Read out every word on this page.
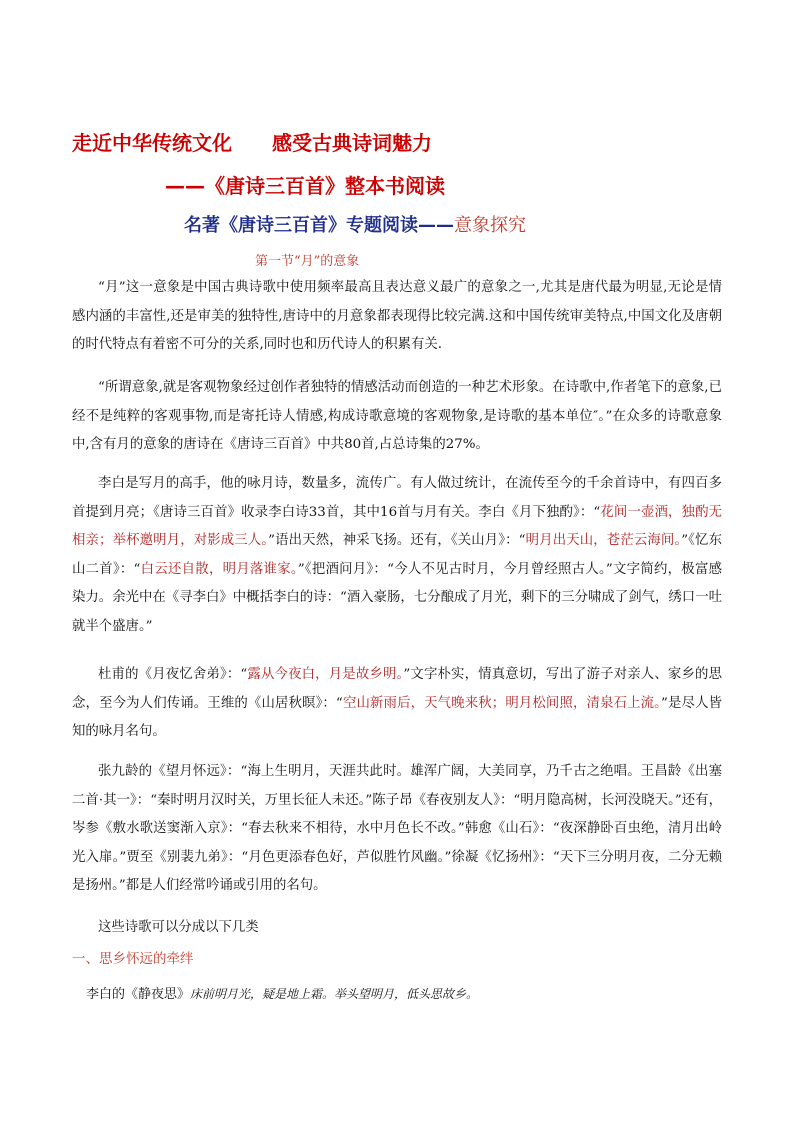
走近中华传统文化 感受古典诗词魅力
——《唐诗三百首》整本书阅读
名著《唐诗三百首》专题阅读——意象探究
第一节“月”的意象

“月”这一意象是中国古典诗歌中使用频率最高且表达意义最广的意象之一,尤其是唐代最为明显,无论是情感内涵的丰富性,还是审美的独特性,唐诗中的月意象都表现得比较完满.这和中国传统审美特点,中国文化及唐朝的时代特点有着密不可分的关系,同时也和历代诗人的积累有关.

“所谓意象,就是客观物象经过创作者独特的情感活动而创造的一种艺术形象。在诗歌中,作者笔下的意象,已经不是纯粹的客观事物,而是寄托诗人情感,构成诗歌意境的客观物象,是诗歌的基本单位″。”在众多的诗歌意象中,含有月的意象的唐诗在《唐诗三百首》中共80首,占总诗集的27%。

李白是写月的高手，他的咏月诗，数量多，流传广。有人做过统计，在流传至今的千余首诗中，有四百多首提到月亮；《唐诗三百首》收录李白诗33首，其中16首与月有关。李白《月下独酌》：“花间一壶酒，独酌无相亲；举杯邀明月，对影成三人。”语出天然，神采飞扬。还有，《关山月》：“明月出天山，苍茫云海间。”《忆东山二首》：“白云还自散，明月落谁家。”《把酒问月》：“今人不见古时月，今月曾经照古人。”文字简约，极富感染力。余光中在《寻李白》中概括李白的诗：“酒入豪肠，七分酿成了月光，剩下的三分啸成了剑气，绣口一吐就半个盛唐。”

杜甫的《月夜忆舍弟》：“露从今夜白，月是故乡明。”文字朴实，情真意切，写出了游子对亲人、家乡的思念，至今为人们传诵。王维的《山居秋暝》：“空山新雨后，天气晚来秋；明月松间照，清泉石上流。”是尽人皆知的咏月名句。

张九龄的《望月怀远》：“海上生明月，天涯共此时。雄浑广阔，大美同享，乃千古之绝唱。王昌龄《出塞二首·其一》：“秦时明月汉时关，万里长征人未还。”陈子昂《春夜别友人》：“明月隐高树，长河没晓天。”还有，岑参《敷水歌送窦渐入京》：“春去秋来不相待，水中月色长不改。”韩愈《山石》：“夜深静卧百虫绝，清月出岭光入扉。”贾至《别裴九弟》：“月色更添春色好，芦似胜竹风幽。”徐凝《忆扬州》：“天下三分明月夜，二分无赖是扬州。”都是人们经常吟诵或引用的名句。

这些诗歌可以分成以下几类

一、思乡怀远的牵绊
李白的《静夜思》床前明月光，疑是地上霜。举头望明月，低头思故乡。
